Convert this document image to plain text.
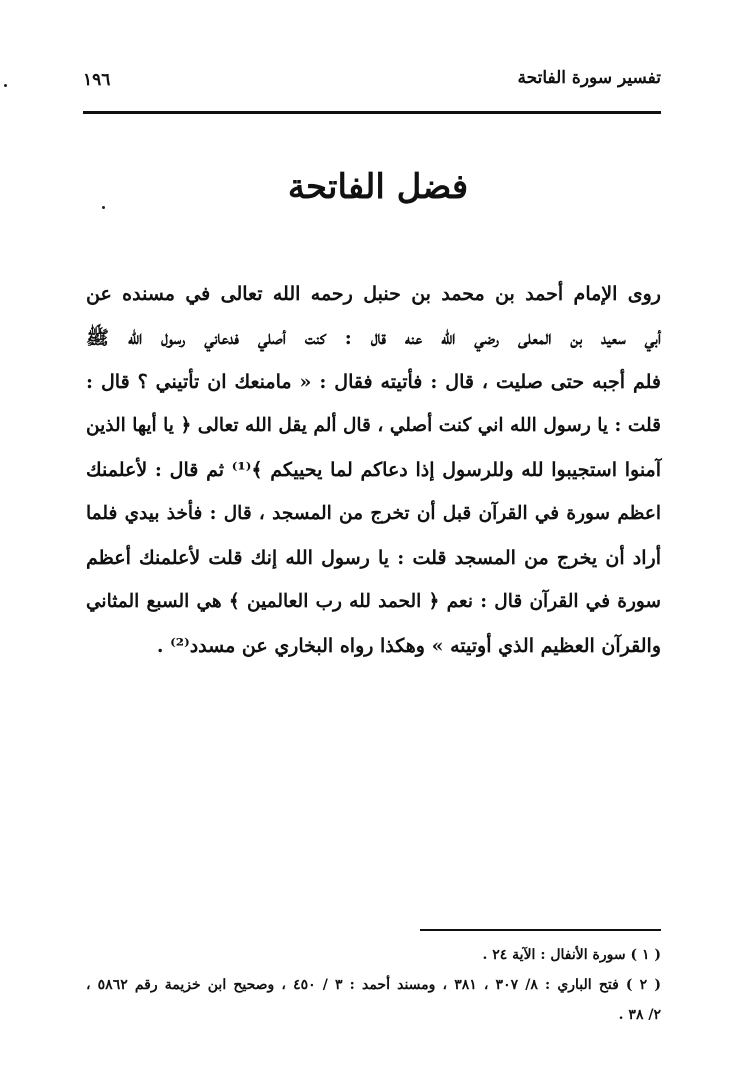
تفسير سورة الفاتحة
١٩٦
فضل الفاتحة
روى الإمام أحمد بن محمد بن حنبل رحمه الله تعالى في مسنده عن
أبي سعيد بن المعلى رضي الله عنه قال : كنت أصلي فدعاني رسول الله ﷺ
فلم أجبه حتى صليت ، قال : فأتيته فقال : « مامنعك ان تأتيني ؟ قال :
قلت : يا رسول الله اني كنت أصلي ، قال ألم يقل الله تعالى ﴿ يا أيها الذين
آمنوا استجيبوا لله وللرسول إذا دعاكم لما يحييكم ﴾⁽¹⁾ ثم قال : لأعلمنك
اعظم سورة في القرآن قبل أن تخرج من المسجد ، قال : فأخذ بيدي فلما
أراد أن يخرج من المسجد قلت : يا رسول الله إنك قلت لأعلمنك أعظم
سورة في القرآن قال : نعم ﴿ الحمد لله رب العالمين ﴾ هي السبع المثاني
والقرآن العظيم الذي أوتيته » وهكذا رواه البخاري عن مسدد⁽²⁾ .
( ١ ) سورة الأنفال : الآية ٢٤ .
( ٢ ) فتح الباري : ٨/ ٣٠٧ ، ٣٨١ ، ومسند أحمد : ٣ / ٤٥٠ ، وصحيح ابن خزيمة رقم ٥٨٦٢ ،
٢/ ٣٨ .
